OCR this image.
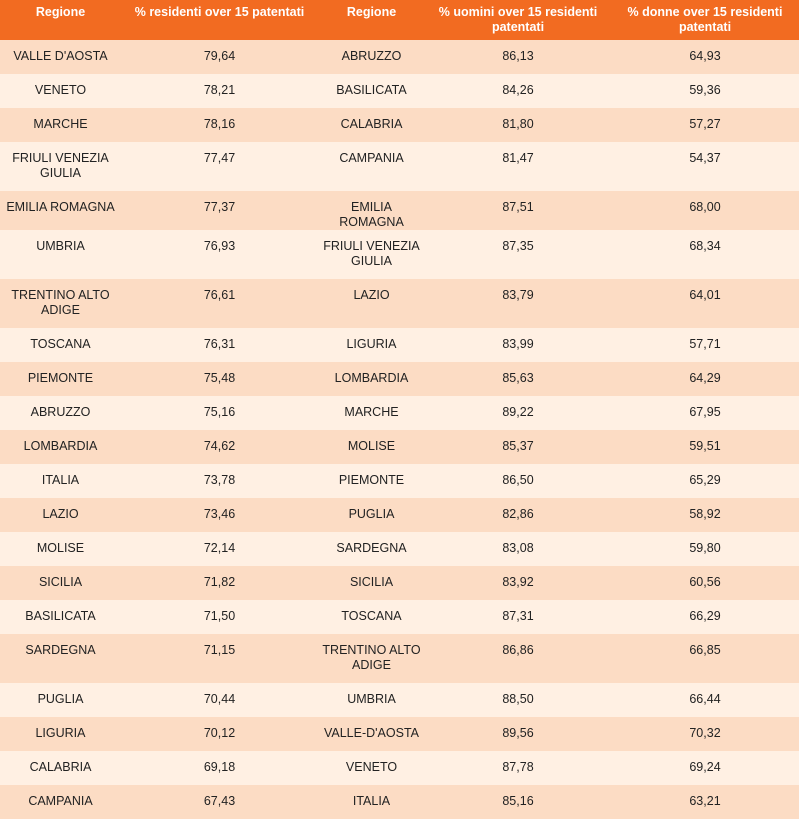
Regione	% residenti over 15 patentati	Regione	% uomini over 15 residenti patentati	% donne over 15 residenti patentati
VALLE D'AOSTA	79,64	ABRUZZO	86,13	64,93
VENETO	78,21	BASILICATA	84,26	59,36
MARCHE	78,16	CALABRIA	81,80	57,27
FRIULI VENEZIA GIULIA	77,47	CAMPANIA	81,47	54,37
EMILIA ROMAGNA	77,37	EMILIA ROMAGNA	87,51	68,00
UMBRIA	76,93	FRIULI VENEZIA GIULIA	87,35	68,34
TRENTINO ALTO ADIGE	76,61	LAZIO	83,79	64,01
TOSCANA	76,31	LIGURIA	83,99	57,71
PIEMONTE	75,48	LOMBARDIA	85,63	64,29
ABRUZZO	75,16	MARCHE	89,22	67,95
LOMBARDIA	74,62	MOLISE	85,37	59,51
ITALIA	73,78	PIEMONTE	86,50	65,29
LAZIO	73,46	PUGLIA	82,86	58,92
MOLISE	72,14	SARDEGNA	83,08	59,80
SICILIA	71,82	SICILIA	83,92	60,56
BASILICATA	71,50	TOSCANA	87,31	66,29
SARDEGNA	71,15	TRENTINO ALTO ADIGE	86,86	66,85
PUGLIA	70,44	UMBRIA	88,50	66,44
LIGURIA	70,12	VALLE-D'AOSTA	89,56	70,32
CALABRIA	69,18	VENETO	87,78	69,24
CAMPANIA	67,43	ITALIA	85,16	63,21
